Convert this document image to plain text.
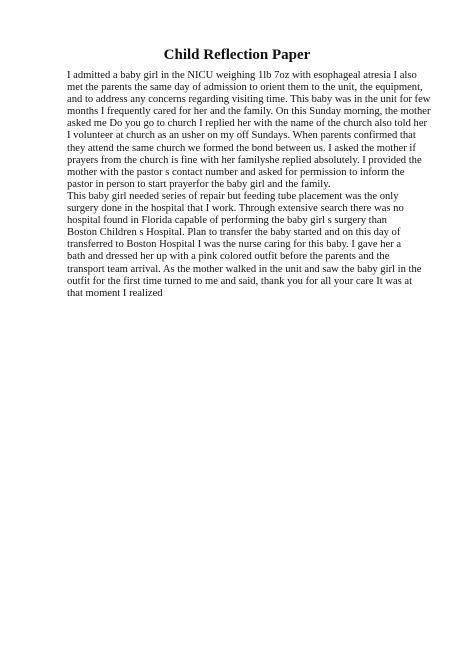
Child Reflection Paper
I admitted a baby girl in the NICU weighing 1lb 7oz with esophageal atresia I also
met the parents the same day of admission to orient them to the unit, the equipment,
and to address any concerns regarding visiting time. This baby was in the unit for few
months I frequently cared for her and the family. On this Sunday morning, the mother
asked me Do you go to church I replied her with the name of the church also told her
I volunteer at church as an usher on my off Sundays. When parents confirmed that
they attend the same church we formed the bond between us. I asked the mother if
prayers from the church is fine with her familyshe replied absolutely. I provided the
mother with the pastor s contact number and asked for permission to inform the
pastor in person to start prayerfor the baby girl and the family.
This baby girl needed series of repair but feeding tube placement was the only
surgery done in the hospital that I work. Through extensive search there was no
hospital found in Florida capable of performing the baby girl s surgery than
Boston Children s Hospital. Plan to transfer the baby started and on this day of
transferred to Boston Hospital I was the nurse caring for this baby. I gave her a
bath and dressed her up with a pink colored outfit before the parents and the
transport team arrival. As the mother walked in the unit and saw the baby girl in the
outfit for the first time turned to me and said, thank you for all your care It was at
that moment I realized
